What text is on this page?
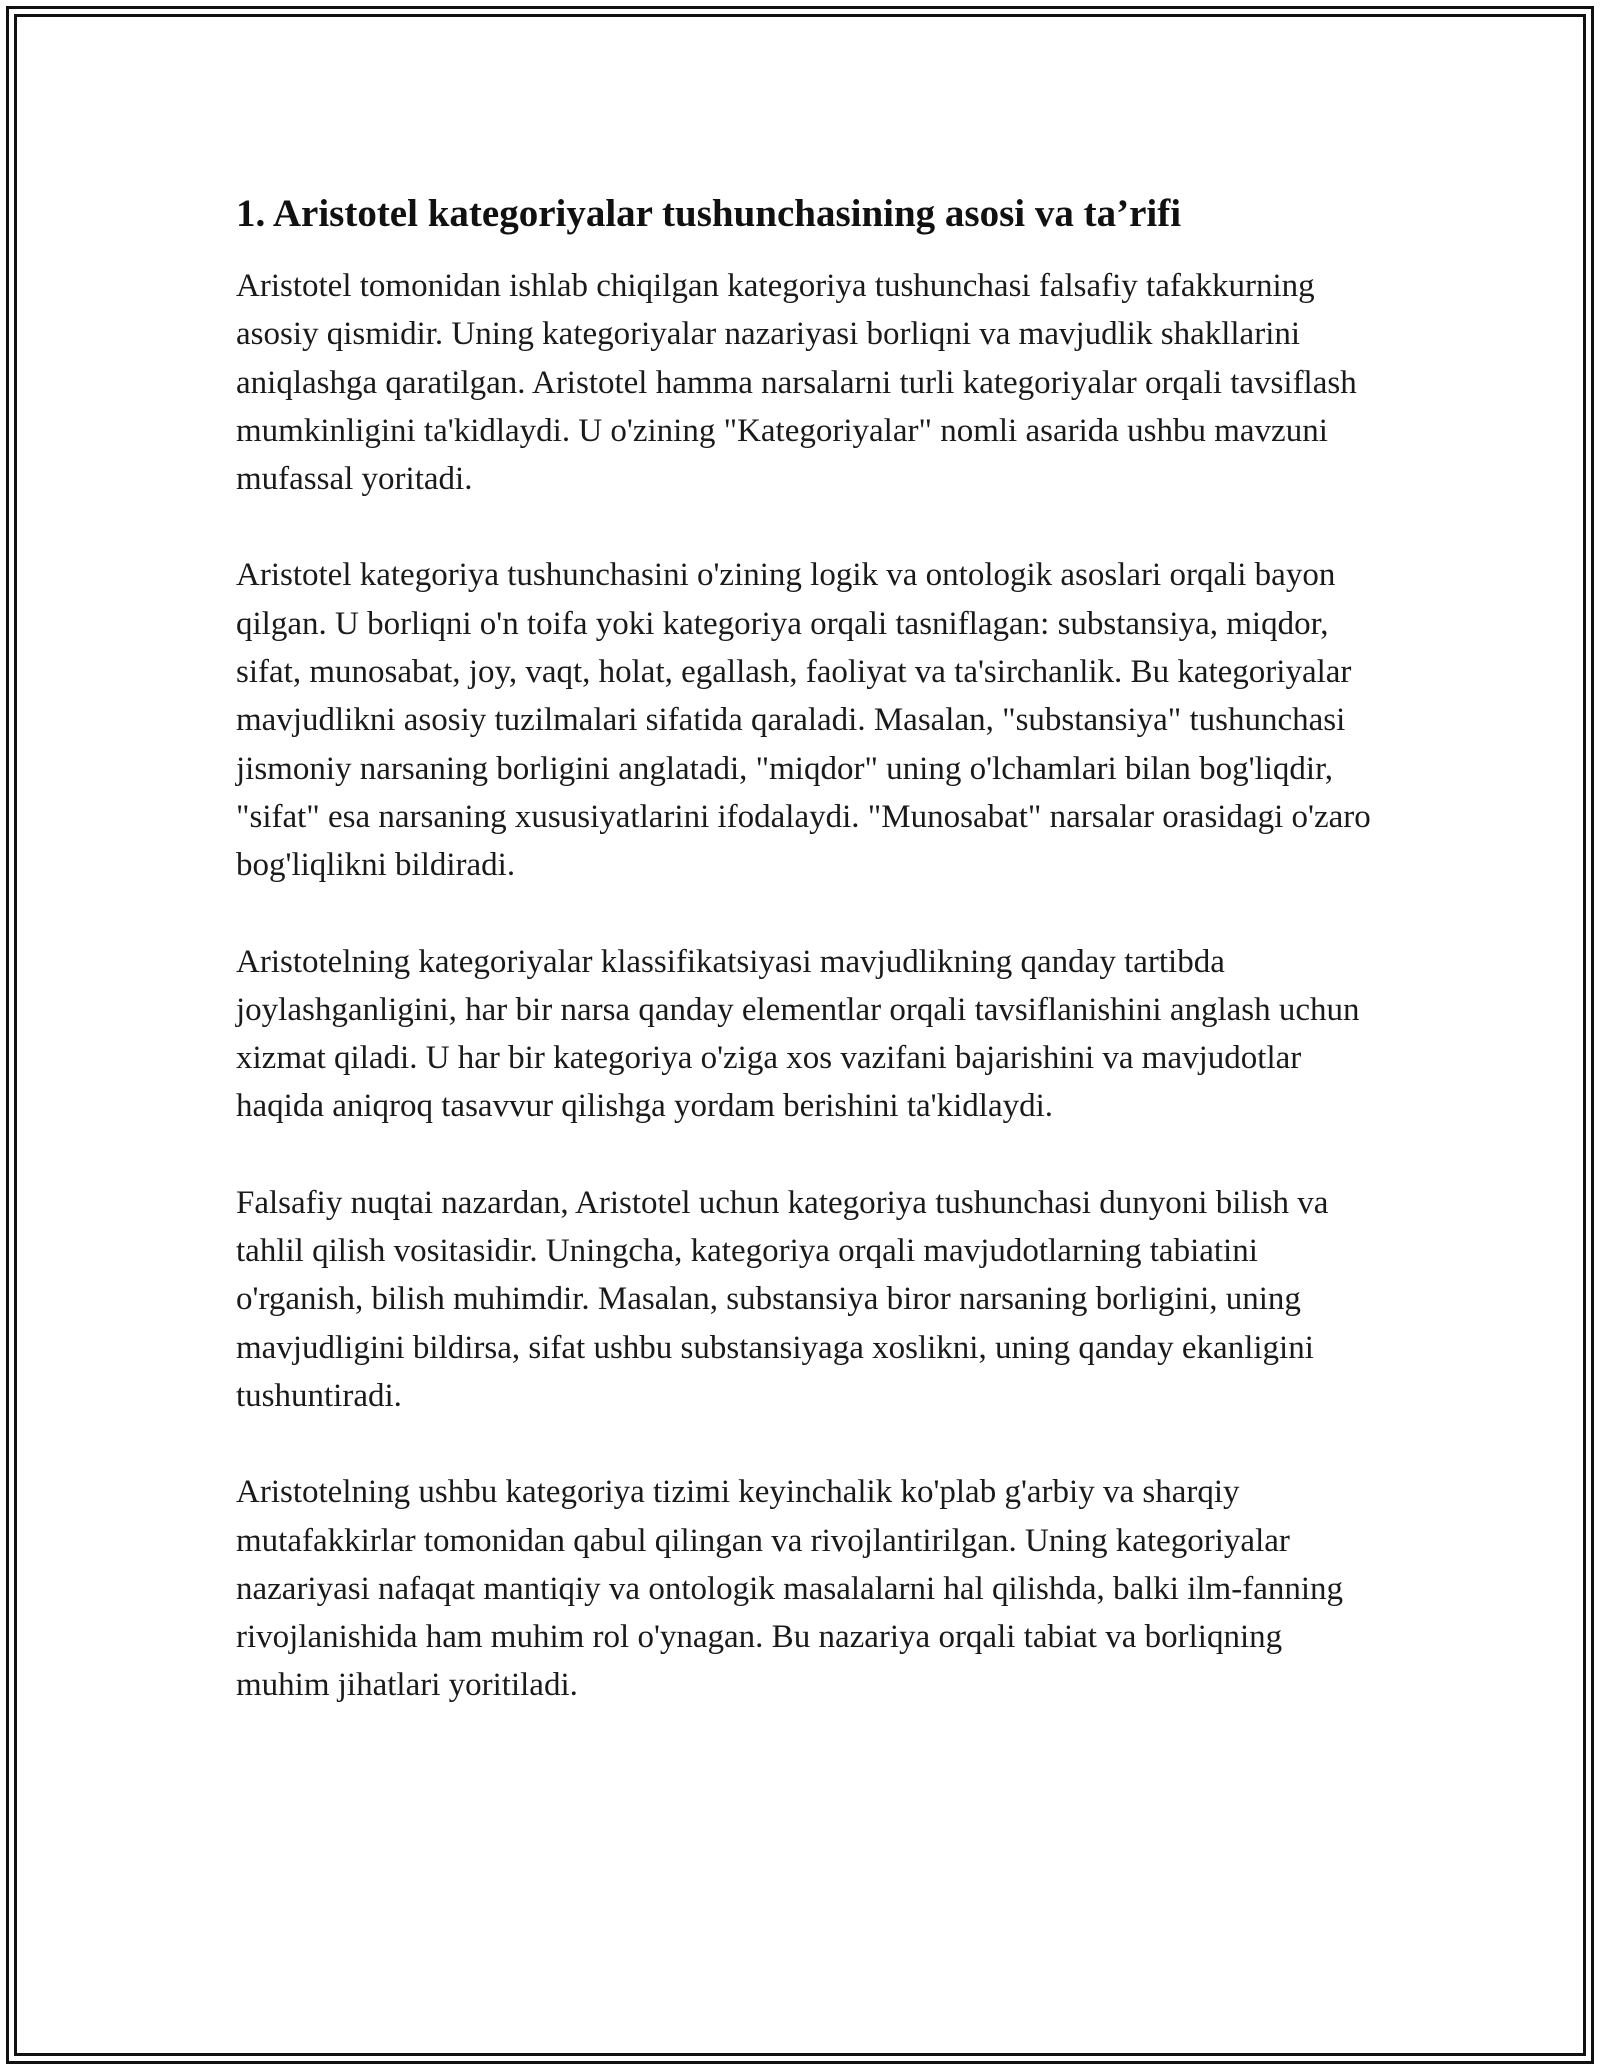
1. Aristotel kategoriyalar tushunchasining asosi va ta’rifi

Aristotel tomonidan ishlab chiqilgan kategoriya tushunchasi falsafiy tafakkurning asosiy qismidir. Uning kategoriyalar nazariyasi borliqni va mavjudlik shakllarini aniqlashga qaratilgan. Aristotel hamma narsalarni turli kategoriyalar orqali tavsiflash mumkinligini ta'kidlaydi. U o'zining "Kategoriyalar" nomli asarida ushbu mavzuni mufassal yoritadi.

Aristotel kategoriya tushunchasini o'zining logik va ontologik asoslari orqali bayon qilgan. U borliqni o'n toifa yoki kategoriya orqali tasniflagan: substansiya, miqdor, sifat, munosabat, joy, vaqt, holat, egallash, faoliyat va ta'sirchanlik. Bu kategoriyalar mavjudlikni asosiy tuzilmalari sifatida qaraladi. Masalan, "substansiya" tushunchasi jismoniy narsaning borligini anglatadi, "miqdor" uning o'lchamlari bilan bog'liqdir, "sifat" esa narsaning xususiyatlarini ifodalaydi. "Munosabat" narsalar orasidagi o'zaro bog'liqlikni bildiradi.

Aristotelning kategoriyalar klassifikatsiyasi mavjudlikning qanday tartibda joylashganligini, har bir narsa qanday elementlar orqali tavsiflanishini anglash uchun xizmat qiladi. U har bir kategoriya o'ziga xos vazifani bajarishini va mavjudotlar haqida aniqroq tasavvur qilishga yordam berishini ta'kidlaydi.

Falsafiy nuqtai nazardan, Aristotel uchun kategoriya tushunchasi dunyoni bilish va tahlil qilish vositasidir. Uningcha, kategoriya orqali mavjudotlarning tabiatini o'rganish, bilish muhimdir. Masalan, substansiya biror narsaning borligini, uning mavjudligini bildirsa, sifat ushbu substansiyaga xoslikni, uning qanday ekanligini tushuntiradi.

Aristotelning ushbu kategoriya tizimi keyinchalik ko'plab g'arbiy va sharqiy mutafakkirlar tomonidan qabul qilingan va rivojlantirilgan. Uning kategoriyalar nazariyasi nafaqat mantiqiy va ontologik masalalarni hal qilishda, balki ilm-fanning rivojlanishida ham muhim rol o'ynagan. Bu nazariya orqali tabiat va borliqning muhim jihatlari yoritiladi.
